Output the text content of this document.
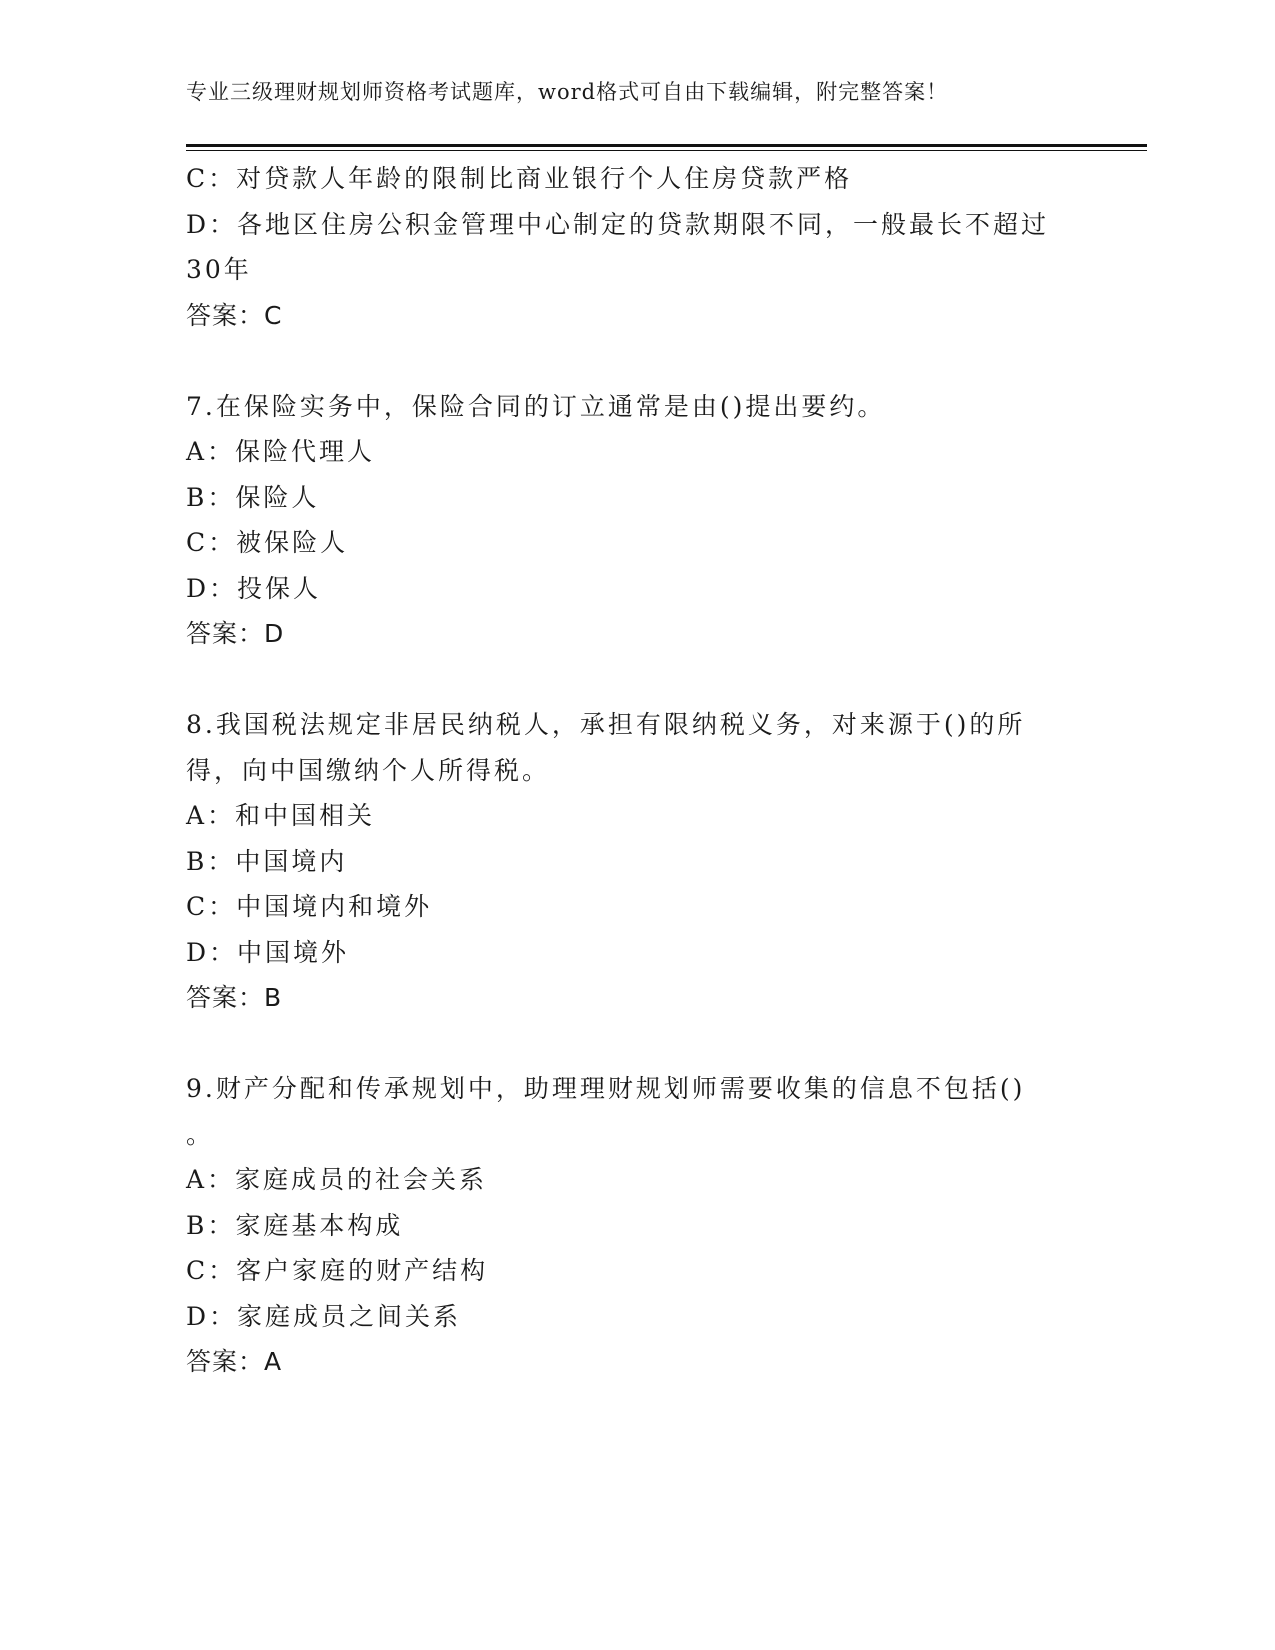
专业三级理财规划师资格考试题库，word格式可自由下载编辑，附完整答案！
C：对贷款人年龄的限制比商业银行个人住房贷款严格
D：各地区住房公积金管理中心制定的贷款期限不同，一般最长不超过
30年
答案：C
7.在保险实务中，保险合同的订立通常是由()提出要约。
A：保险代理人
B：保险人
C：被保险人
D：投保人
答案：D
8.我国税法规定非居民纳税人，承担有限纳税义务，对来源于()的所
得，向中国缴纳个人所得税。
A：和中国相关
B：中国境内
C：中国境内和境外
D：中国境外
答案：B
9.财产分配和传承规划中，助理理财规划师需要收集的信息不包括()
。
A：家庭成员的社会关系
B：家庭基本构成
C：客户家庭的财产结构
D：家庭成员之间关系
答案：A
